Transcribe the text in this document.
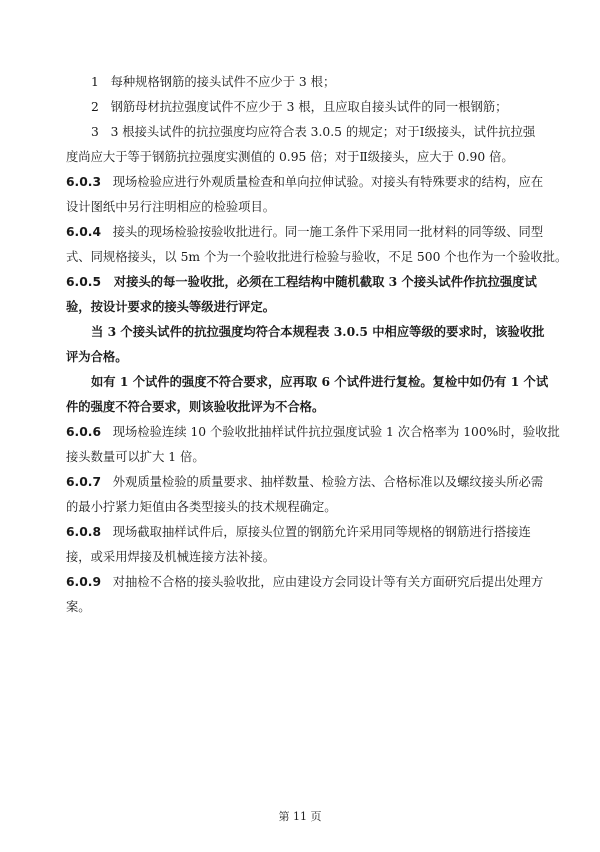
1 每种规格钢筋的接头试件不应少于 3 根；
2 钢筋母材抗拉强度试件不应少于 3 根，且应取自接头试件的同一根钢筋；
3 3 根接头试件的抗拉强度均应符合表 3.0.5 的规定；对于Ⅰ级接头，试件抗拉强
度尚应大于等于钢筋抗拉强度实测值的 0.95 倍；对于Ⅱ级接头，应大于 0.90 倍。
6.0.3 现场检验应进行外观质量检查和单向拉伸试验。对接头有特殊要求的结构，应在
设计图纸中另行注明相应的检验项目。
6.0.4 接头的现场检验按验收批进行。同一施工条件下采用同一批材料的同等级、同型
式、同规格接头，以 5m 个为一个验收批进行检验与验收，不足 500 个也作为一个验收批。
6.0.5 对接头的每一验收批，必须在工程结构中随机截取 3 个接头试件作抗拉强度试
验，按设计要求的接头等级进行评定。
当 3 个接头试件的抗拉强度均符合本规程表 3.0.5 中相应等级的要求时，该验收批
评为合格。
如有 1 个试件的强度不符合要求，应再取 6 个试件进行复检。复检中如仍有 1 个试
件的强度不符合要求，则该验收批评为不合格。
6.0.6 现场检验连续 10 个验收批抽样试件抗拉强度试验 1 次合格率为 100%时，验收批
接头数量可以扩大 1 倍。
6.0.7 外观质量检验的质量要求、抽样数量、检验方法、合格标准以及螺纹接头所必需
的最小拧紧力矩值由各类型接头的技术规程确定。
6.0.8 现场截取抽样试件后，原接头位置的钢筋允许采用同等规格的钢筋进行搭接连
接，或采用焊接及机械连接方法补接。
6.0.9 对抽检不合格的接头验收批，应由建设方会同设计等有关方面研究后提出处理方
案。
第 11 页
